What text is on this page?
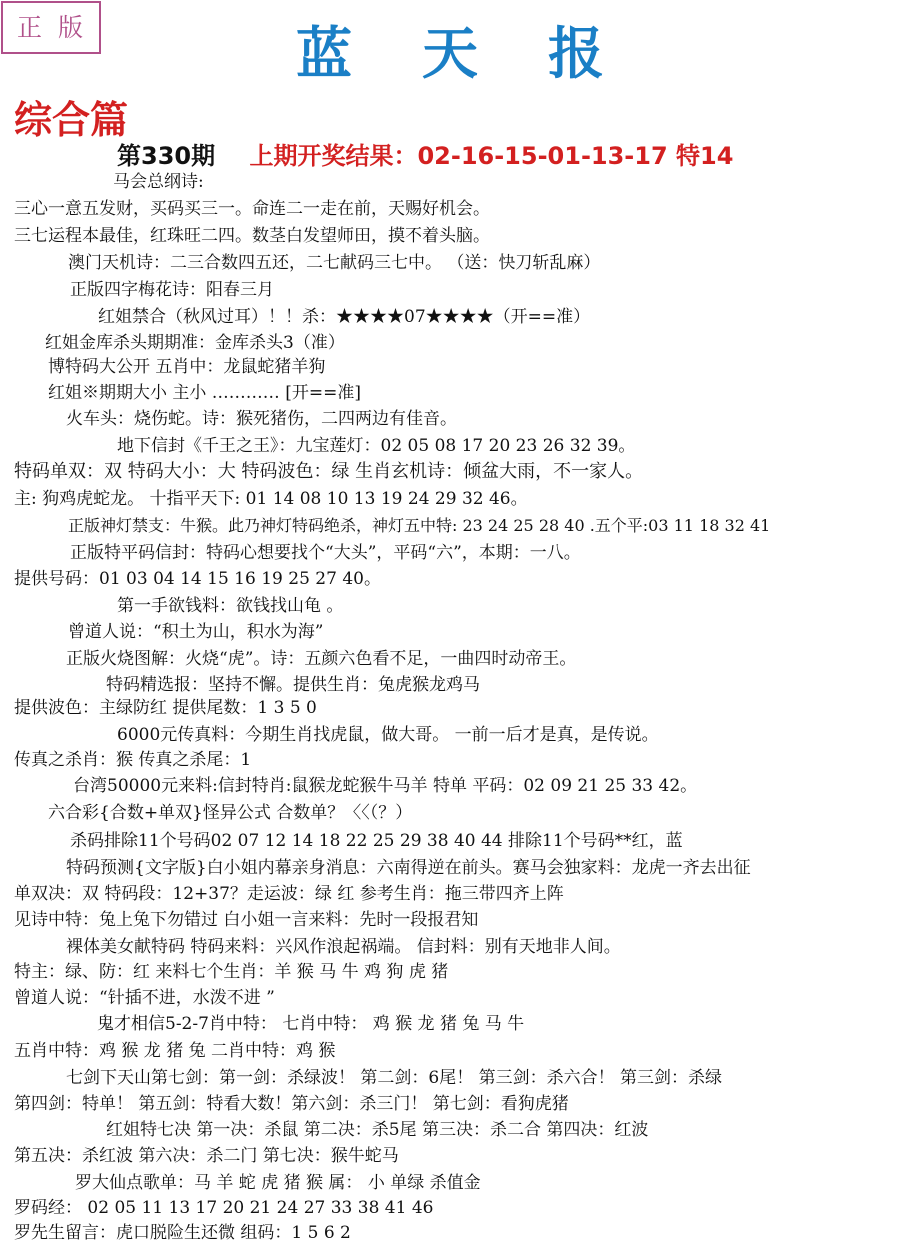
正版	蓝天报
综合篇
第330期 上期开奖结果：02-16-15-01-13-17 特14
马会总纲诗:
三心一意五发财，买码买三一。命连二一走在前，天赐好机会。
三七运程本最佳，红珠旺二四。数茎白发望师田，摸不着头脑。
澳门天机诗：二三合数四五还，二七献码三七中。 （送：快刀斩乱麻）
正版四字梅花诗：阳春三月
红姐禁合（秋风过耳）！！杀：★★★★07★★★★（开==准）
红姐金库杀头期期准：金库杀头3（准）
博特码大公开 五肖中：龙鼠蛇猪羊狗
红姐※期期大小 主小 ………… [开==准]
火车头：烧伤蛇。诗：猴死猪伤，二四两边有佳音。
地下信封《千王之王》：九宝莲灯：02 05 08 17 20 23 26 32 39。
特码单双：双 特码大小：大 特码波色：绿 生肖玄机诗：倾盆大雨，不一家人。
主: 狗鸡虎蛇龙。 十指平天下: 01 14 08 10 13 19 24 29 32 46。
正版神灯禁支：牛猴。此乃神灯特码绝杀，神灯五中特: 23 24 25 28 40 .五个平:03 11 18 32 41
正版特平码信封：特码心想要找个“大头”，平码“六”，本期：一八。
提供号码：01 03 04 14 15 16 19 25 27 40。
第一手欲钱料：欲钱找山龟 。
曾道人说：“积土为山，积水为海”
正版火烧图解：火烧“虎”。诗：五颜六色看不足，一曲四时动帝王。
特码精选报：坚持不懈。提供生肖：兔虎猴龙鸡马
提供波色：主绿防红 提供尾数：1 3 5 0
6000元传真料：今期生肖找虎鼠，做大哥。 一前一后才是真，是传说。
传真之杀肖：猴 传真之杀尾：1
台湾50000元来料:信封特肖:鼠猴龙蛇猴牛马羊 特单 平码：02 09 21 25 33 42。
六合彩{合数+单双}怪异公式 合数单？〈〈（？）
杀码排除11个号码02 07 12 14 18 22 25 29 38 40 44 排除11个号码**红，蓝
特码预测{文字版}白小姐内幕亲身消息：六南得逆在前头。赛马会独家料：龙虎一齐去出征
单双决：双 特码段：12+37？走运波：绿 红 参考生肖：拖三带四齐上阵
见诗中特：兔上兔下勿错过 白小姐一言来料：先时一段报君知
裸体美女献特码 特码来料：兴风作浪起祸端。 信封料：别有天地非人间。
特主：绿、防：红 来料七个生肖：羊 猴 马 牛 鸡 狗 虎 猪
曾道人说：“针插不进，水泼不进 ”
鬼才相信5-2-7肖中特： 七肖中特： 鸡 猴 龙 猪 兔 马 牛
五肖中特：鸡 猴 龙 猪 兔 二肖中特：鸡 猴
七剑下天山第七剑：第一剑：杀绿波！ 第二剑：6尾！ 第三剑：杀六合！ 第三剑：杀绿
第四剑：特单！ 第五剑：特看大数！第六剑：杀三门！ 第七剑：看狗虎猪
红姐特七决 第一决：杀鼠 第二决：杀5尾 第三决：杀二合 第四决：红波
第五决：杀红波 第六决：杀二门 第七决：猴牛蛇马
罗大仙点歌单：马 羊 蛇 虎 猪 猴 属： 小 单绿 杀值金
罗码经： 02 05 11 13 17 20 21 24 27 33 38 41 46
罗先生留言：虎口脱险生还微 组码：1 5 6 2
